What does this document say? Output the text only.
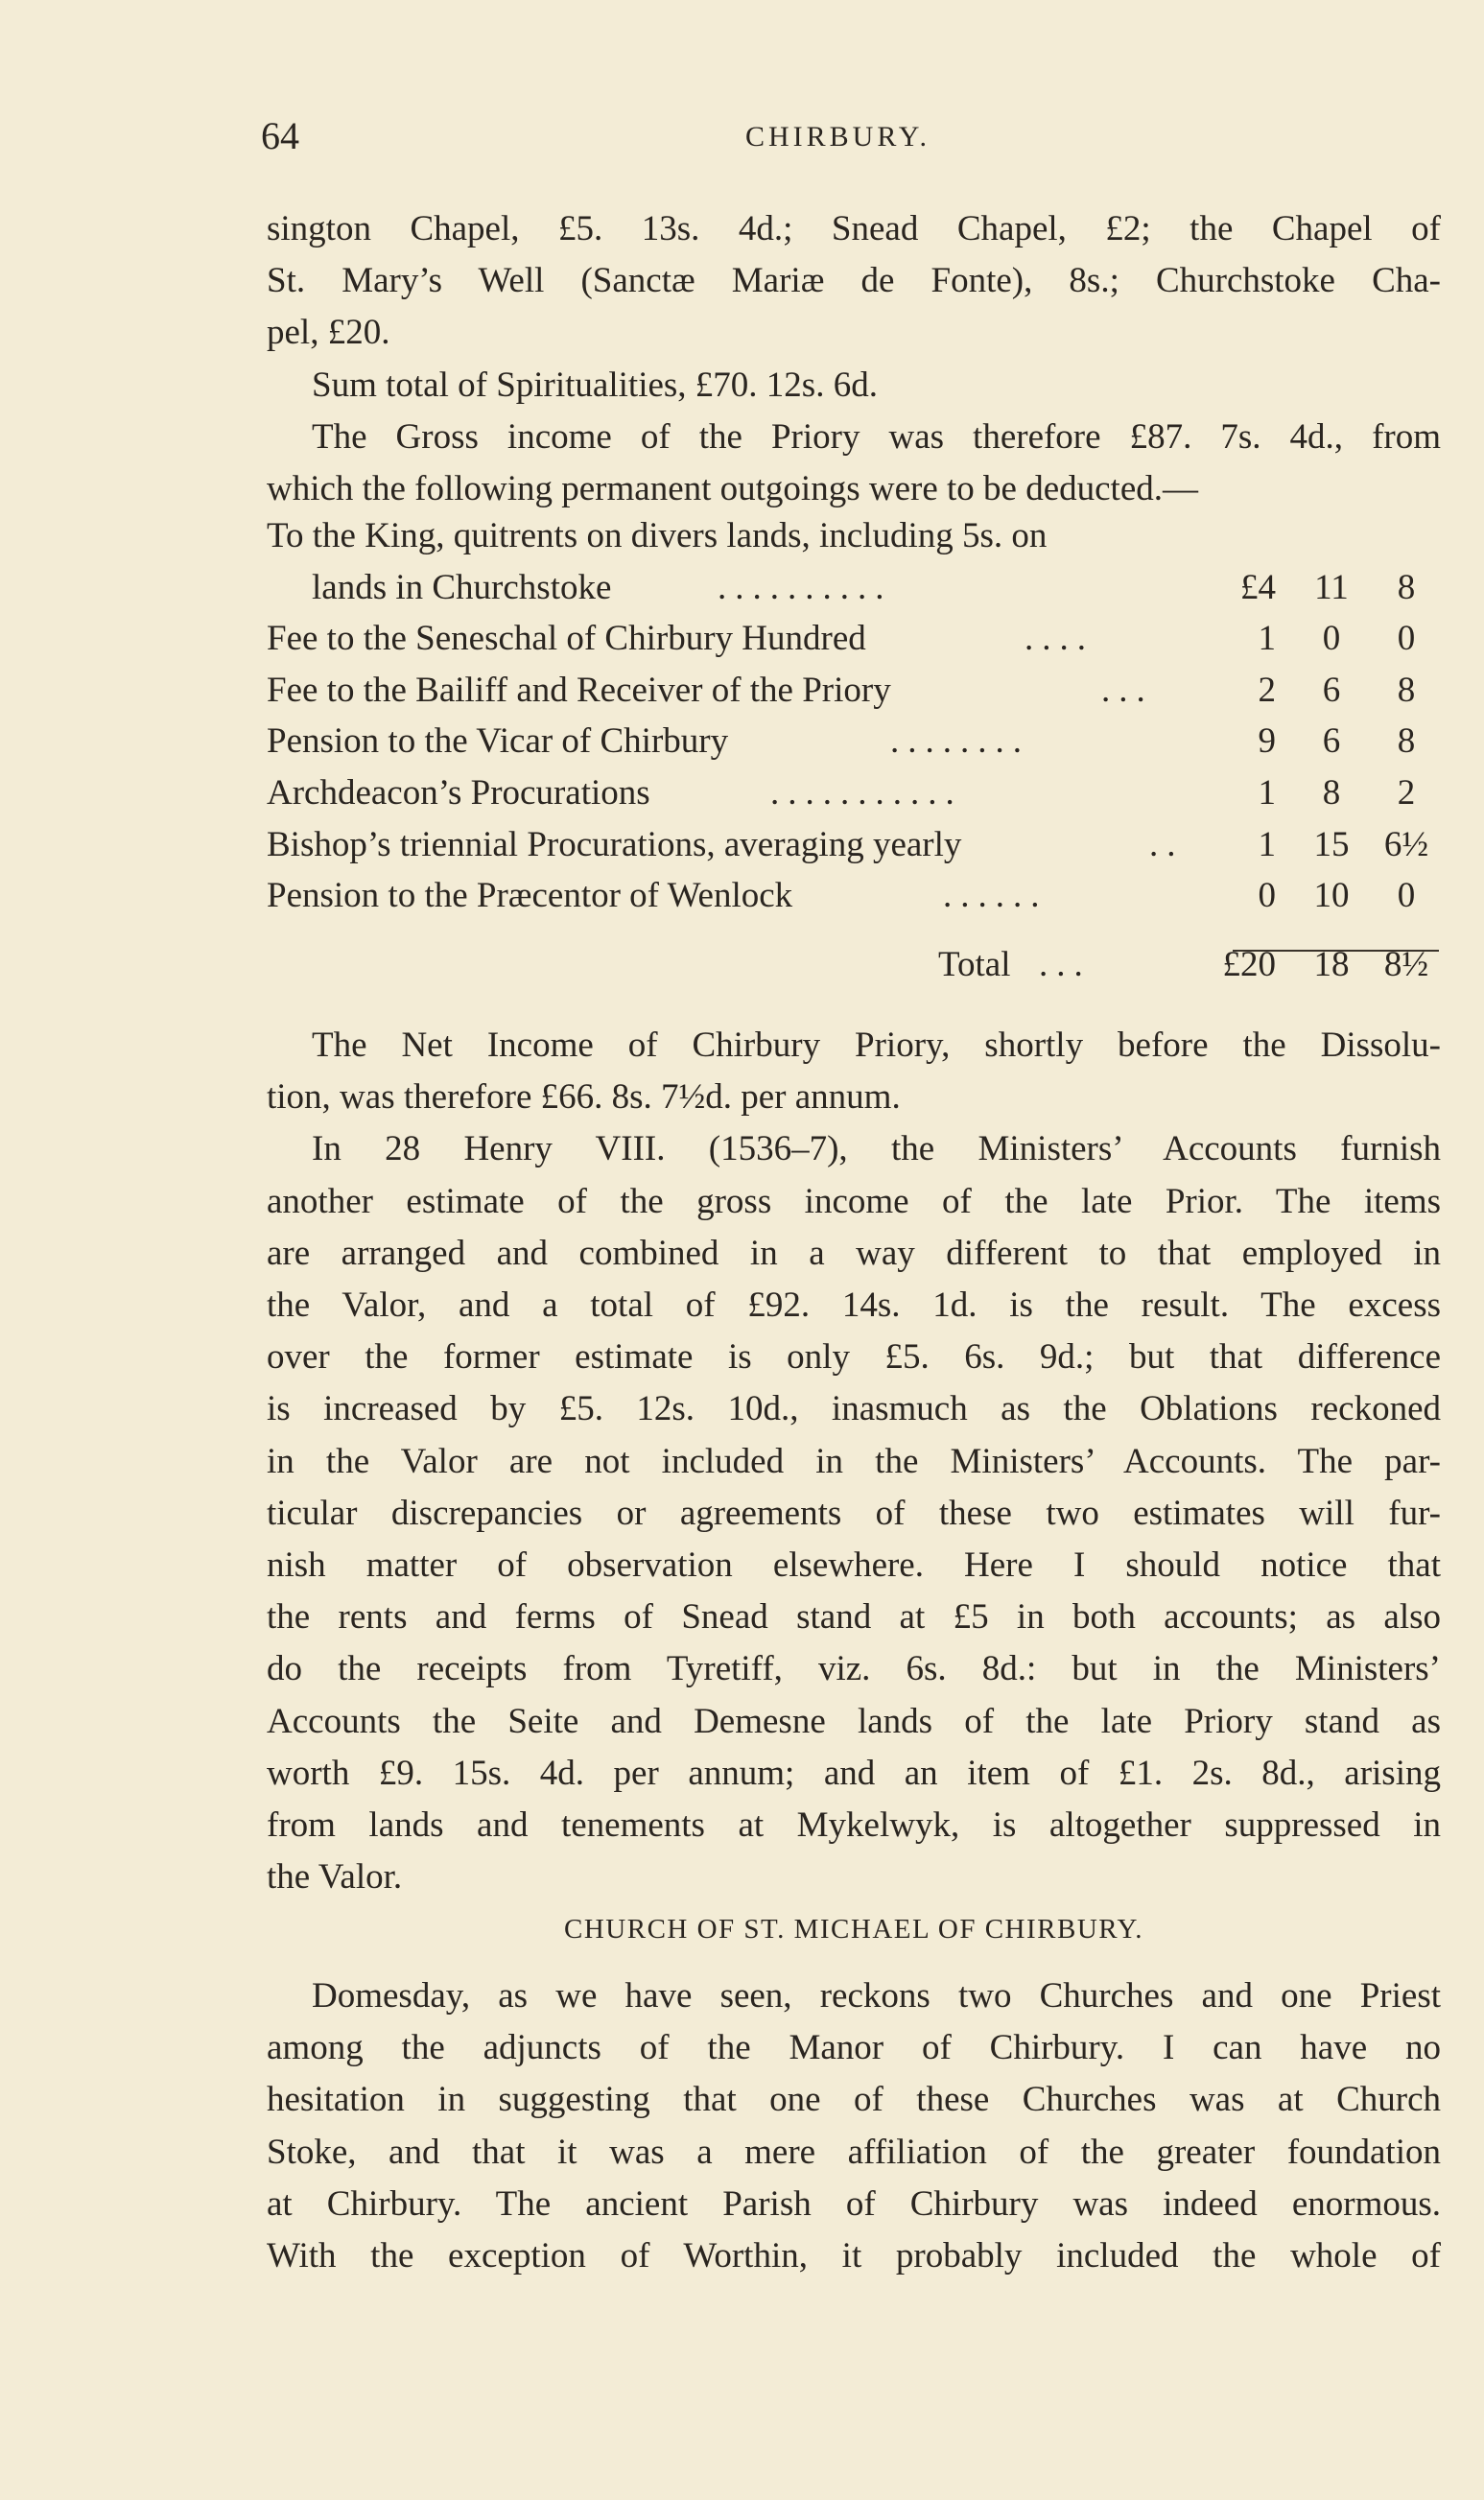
64	CHIRBURY.
sington Chapel, £5. 13s. 4d.; Snead Chapel, £2; the Chapel of
St. Mary’s Well (Sanctæ Mariæ de Fonte), 8s.; Churchstoke Cha-
pel, £20.
Sum total of Spiritualities, £70. 12s. 6d.
The Gross income of the Priory was therefore £87. 7s. 4d., from
which the following permanent outgoings were to be deducted.—
To the King, quitrents on divers lands, including 5s. on
lands in Churchstoke	..........	£4	11	8
Fee to the Seneschal of Chirbury Hundred	....	1	0	0
Fee to the Bailiff and Receiver of the Priory	...	2	6	8
Pension to the Vicar of Chirbury	........	9	6	8
Archdeacon’s Procurations	...........	1	8	2
Bishop’s triennial Procurations, averaging yearly	.. 1	15 6½
Pension to the Præcentor of Wenlock	......	0	10	0
Total ...	£20	18 8½
The Net Income of Chirbury Priory, shortly before the Dissolu-
tion, was therefore £66. 8s. 7½d. per annum.
In 28 Henry VIII. (1536–7), the Ministers’ Accounts furnish
another estimate of the gross income of the late Prior. The items
are arranged and combined in a way different to that employed in
the Valor, and a total of £92. 14s. 1d. is the result. The excess
over the former estimate is only £5. 6s. 9d.; but that difference
is increased by £5. 12s. 10d., inasmuch as the Oblations reckoned
in the Valor are not included in the Ministers’ Accounts. The par-
ticular discrepancies or agreements of these two estimates will fur-
nish matter of observation elsewhere. Here I should notice that
the rents and ferms of Snead stand at £5 in both accounts; as also
do the receipts from Tyretiff, viz. 6s. 8d.: but in the Ministers’
Accounts the Seite and Demesne lands of the late Priory stand as
worth £9. 15s. 4d. per annum; and an item of £1. 2s. 8d., arising
from lands and tenements at Mykelwyk, is altogether suppressed in
the Valor.
CHURCH OF ST. MICHAEL OF CHIRBURY.
Domesday, as we have seen, reckons two Churches and one Priest
among the adjuncts of the Manor of Chirbury. I can have no
hesitation in suggesting that one of these Churches was at Church
Stoke, and that it was a mere affiliation of the greater foundation
at Chirbury. The ancient Parish of Chirbury was indeed enormous.
With the exception of Worthin, it probably included the whole of
